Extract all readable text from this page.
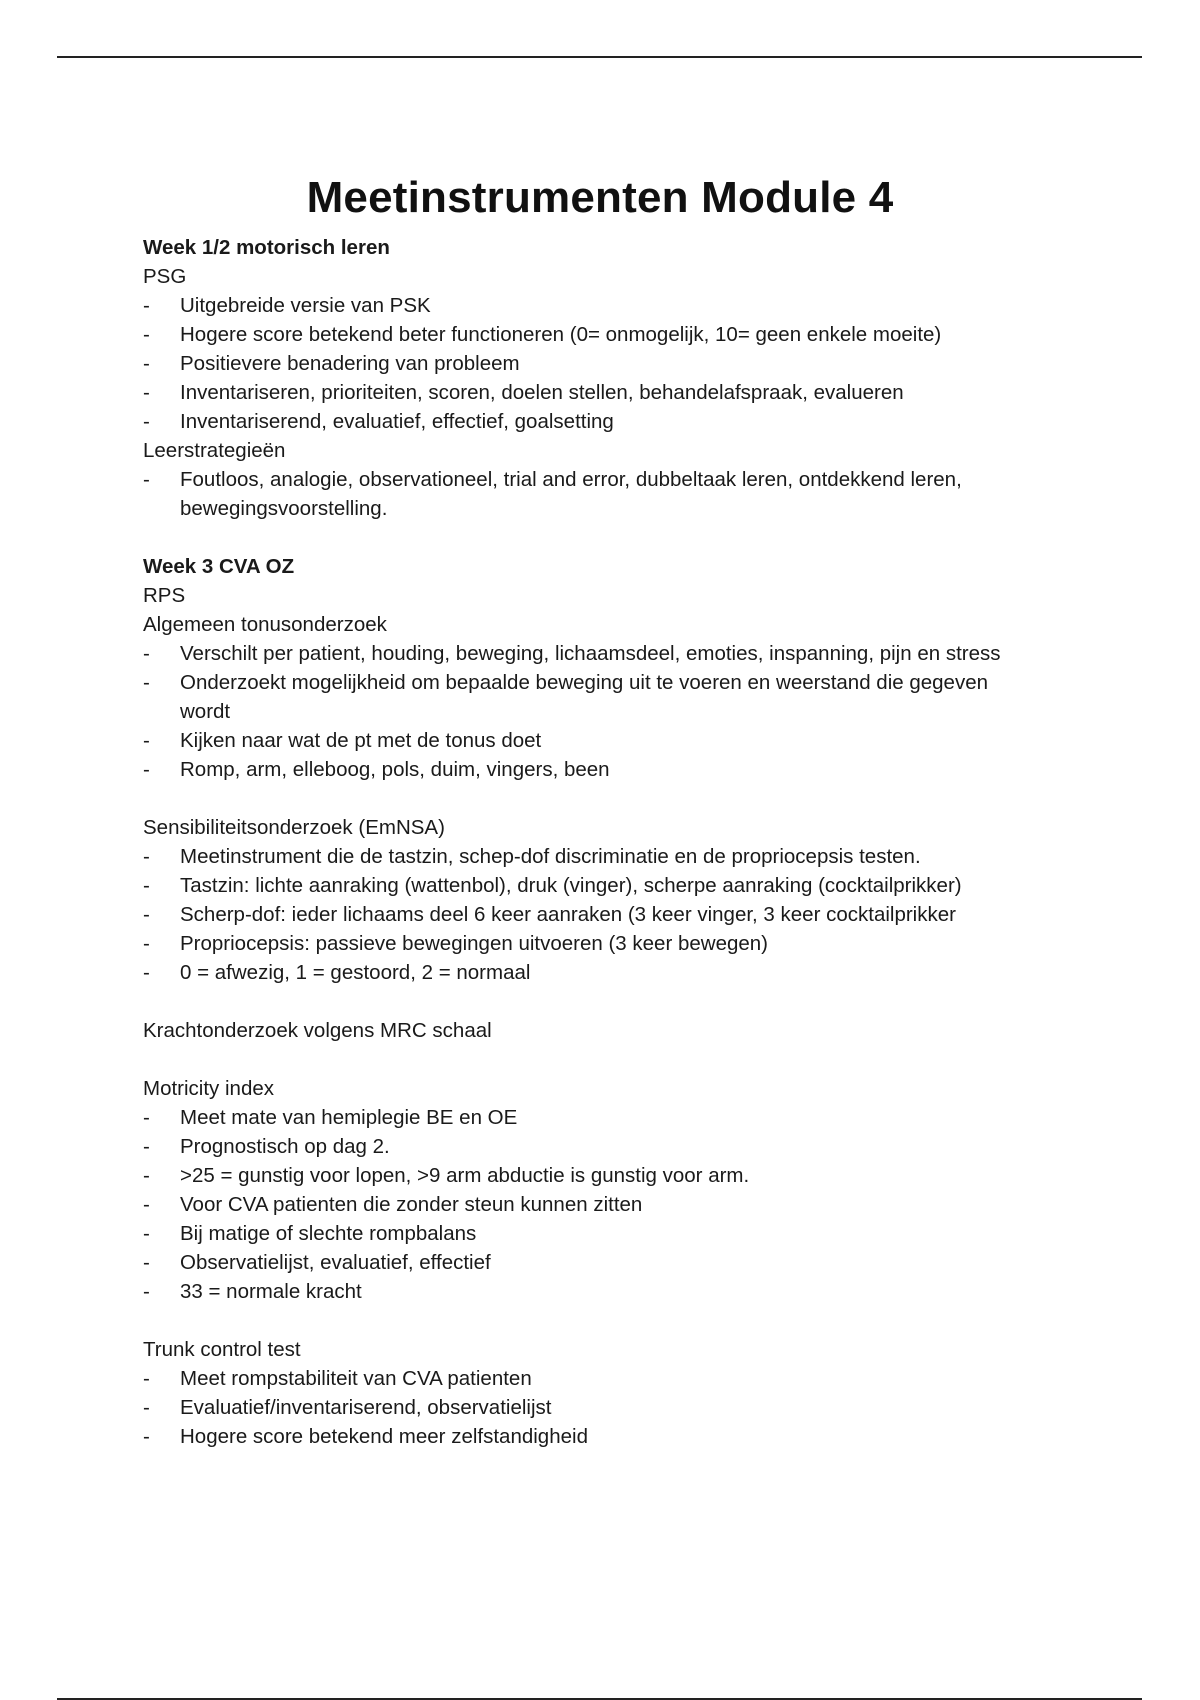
Meetinstrumenten Module 4
Week 1/2 motorisch leren
PSG
- Uitgebreide versie van PSK
- Hogere score betekend beter functioneren (0= onmogelijk, 10= geen enkele moeite)
- Positievere benadering van probleem
- Inventariseren, prioriteiten, scoren, doelen stellen, behandelafspraak, evalueren
- Inventariserend, evaluatief, effectief, goalsetting
Leerstrategieën
- Foutloos, analogie, observationeel, trial and error, dubbeltaak leren, ontdekkend leren, bewegingsvoorstelling.
Week 3 CVA OZ
RPS
Algemeen tonusonderzoek
- Verschilt per patient, houding, beweging, lichaamsdeel, emoties, inspanning, pijn en stress
- Onderzoekt mogelijkheid om bepaalde beweging uit te voeren en weerstand die gegeven wordt
- Kijken naar wat de pt met de tonus doet
- Romp, arm, elleboog, pols, duim, vingers, been
Sensibiliteitsonderzoek (EmNSA)
- Meetinstrument die de tastzin, schep-dof discriminatie en de propriocepsis testen.
- Tastzin: lichte aanraking (wattenbol), druk (vinger), scherpe aanraking (cocktailprikker)
- Scherp-dof: ieder lichaams deel 6 keer aanraken (3 keer vinger, 3 keer cocktailprikker
- Propriocepsis: passieve bewegingen uitvoeren (3 keer bewegen)
- 0 = afwezig, 1 = gestoord, 2 = normaal
Krachtonderzoek volgens MRC schaal
Motricity index
- Meet mate van hemiplegie BE en OE
- Prognostisch op dag 2.
- >25 = gunstig voor lopen, >9 arm abductie is gunstig voor arm.
- Voor CVA patienten die zonder steun kunnen zitten
- Bij matige of slechte rompbalans
- Observatielijst, evaluatief, effectief
- 33 = normale kracht
Trunk control test
- Meet rompstabiliteit van CVA patienten
- Evaluatief/inventariserend, observatielijst
- Hogere score betekend meer zelfstandigheid
